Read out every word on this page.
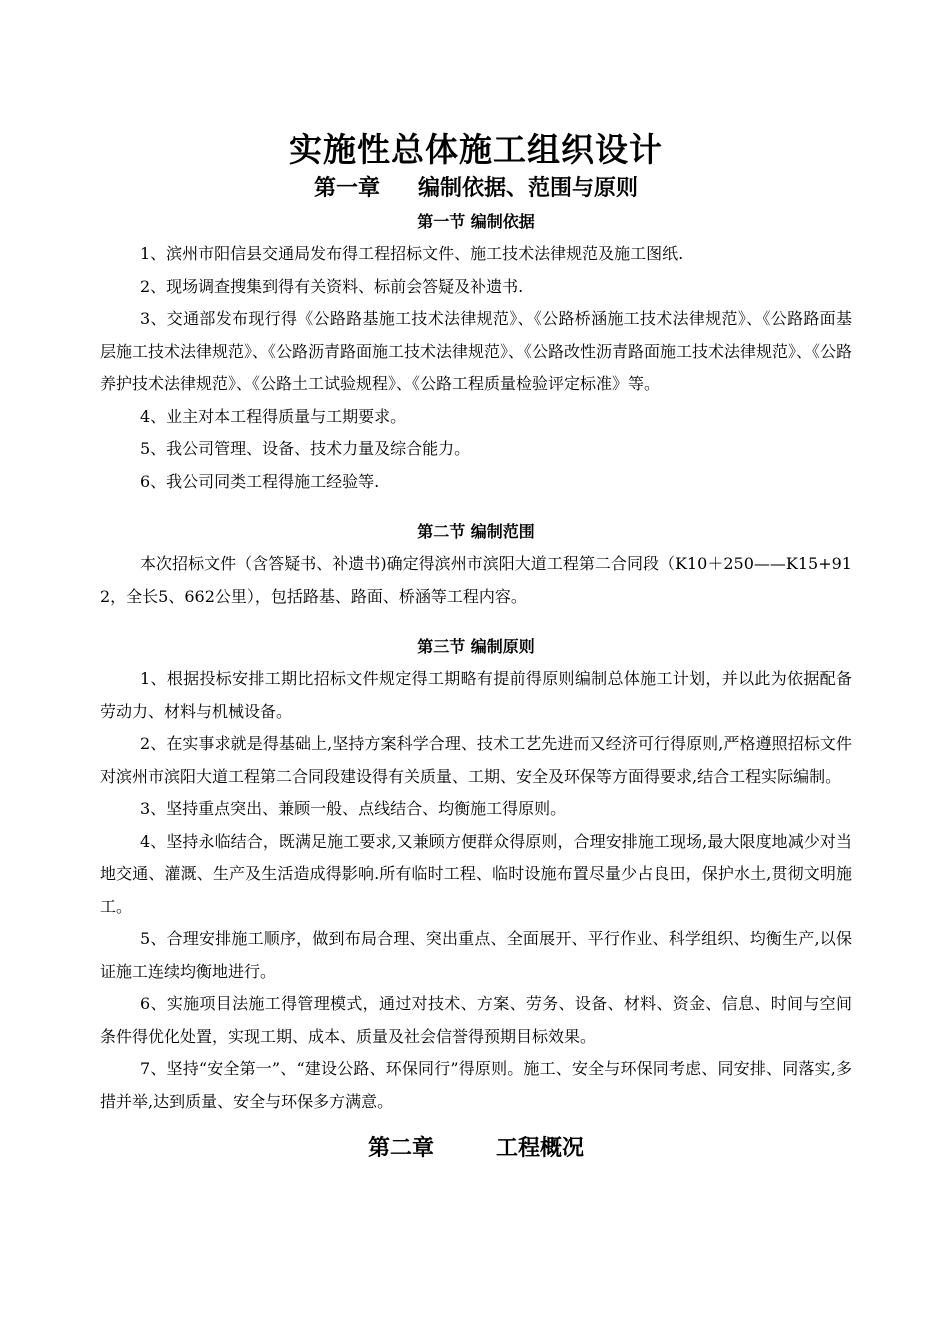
实施性总体施工组织设计
第一章 编制依据、范围与原则
第一节 编制依据

1、滨州市阳信县交通局发布得工程招标文件、施工技术法律规范及施工图纸.

2、现场调查搜集到得有关资料、标前会答疑及补遗书.

3、交通部发布现行得《公路路基施工技术法律规范》、《公路桥涵施工技术法律规范》、《公路路面基层施工技术法律规范》、《公路沥青路面施工技术法律规范》、《公路改性沥青路面施工技术法律规范》、《公路养护技术法律规范》、《公路土工试验规程》、《公路工程质量检验评定标准》等。

4、业主对本工程得质量与工期要求。

5、我公司管理、设备、技术力量及综合能力。

6、我公司同类工程得施工经验等.

第二节 编制范围

本次招标文件（含答疑书、补遗书)确定得滨州市滨阳大道工程第二合同段（K10＋250——K15+912，全长5、662公里），包括路基、路面、桥涵等工程内容。

第三节 编制原则

1、根据投标安排工期比招标文件规定得工期略有提前得原则编制总体施工计划，并以此为依据配备劳动力、材料与机械设备。

2、在实事求就是得基础上,坚持方案科学合理、技术工艺先进而又经济可行得原则,严格遵照招标文件对滨州市滨阳大道工程第二合同段建设得有关质量、工期、安全及环保等方面得要求,结合工程实际编制。

3、坚持重点突出、兼顾一般、点线结合、均衡施工得原则。

4、坚持永临结合，既满足施工要求,又兼顾方便群众得原则，合理安排施工现场,最大限度地减少对当地交通、灌溉、生产及生活造成得影响.所有临时工程、临时设施布置尽量少占良田，保护水土,贯彻文明施工。

5、合理安排施工顺序，做到布局合理、突出重点、全面展开、平行作业、科学组织、均衡生产,以保证施工连续均衡地进行。

6、实施项目法施工得管理模式，通过对技术、方案、劳务、设备、材料、资金、信息、时间与空间条件得优化处置，实现工期、成本、质量及社会信誉得预期目标效果。

7、坚持“安全第一”、“建设公路、环保同行”得原则。施工、安全与环保同考虑、同安排、同落实,多措并举,达到质量、安全与环保多方满意。

第二章	工程概况
